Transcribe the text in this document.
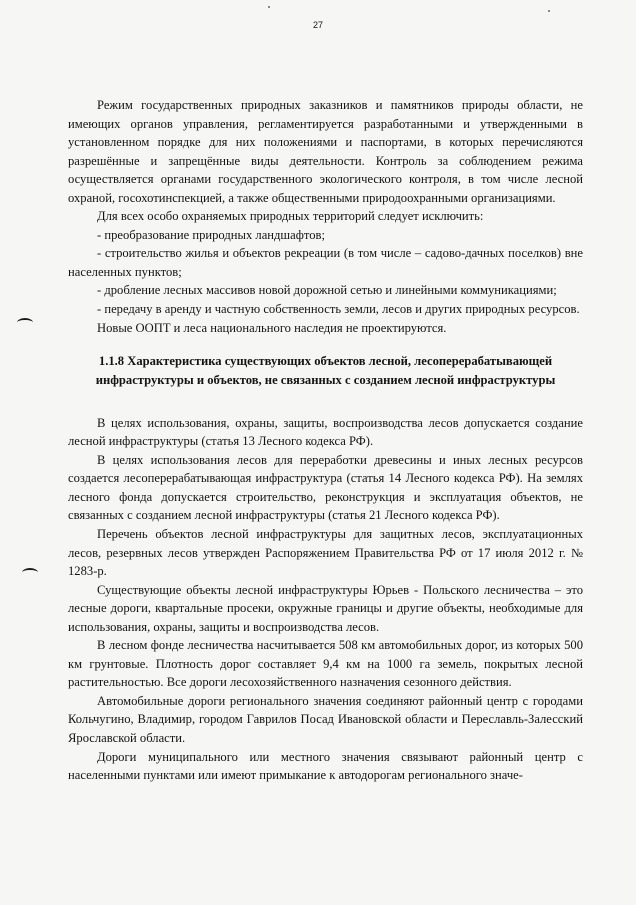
27

Режим государственных природных заказников и памятников природы области, не имеющих органов управления, регламентируется разработанными и утвержденными в установленном порядке для них положениями и паспортами, в которых перечисляются разрешённые и запрещённые виды деятельности. Контроль за соблюдением режима осуществляется органами государственного экологического контроля, в том числе лесной охраной, госохотинспекцией, а также общественными природоохранными организациями.

Для всех особо охраняемых природных территорий следует исключить:

- преобразование природных ландшафтов;

- строительство жилья и объектов рекреации (в том числе – садово-дачных поселков) вне населенных пунктов;

- дробление лесных массивов новой дорожной сетью и линейными коммуникациями;

- передачу в аренду и частную собственность земли, лесов и других природных ресурсов.

Новые ООПТ и леса национального наследия не проектируются.

1.1.8 Характеристика существующих объектов лесной, лесоперерабатывающей инфраструктуры и объектов, не связанных с созданием лесной инфраструктуры

В целях использования, охраны, защиты, воспроизводства лесов допускается создание лесной инфраструктуры (статья 13 Лесного кодекса РФ).

В целях использования лесов для переработки древесины и иных лесных ресурсов создается лесоперерабатывающая инфраструктура (статья 14 Лесного кодекса РФ). На землях лесного фонда допускается строительство, реконструкция и эксплуатация объектов, не связанных с созданием лесной инфраструктуры (статья 21 Лесного кодекса РФ).

Перечень объектов лесной инфраструктуры для защитных лесов, эксплуатационных лесов, резервных лесов утвержден Распоряжением Правительства РФ от 17 июля 2012 г. № 1283-р.

Существующие объекты лесной инфраструктуры Юрьев - Польского лесничества – это лесные дороги, квартальные просеки, окружные границы и другие объекты, необходимые для использования, охраны, защиты и воспроизводства лесов.

В лесном фонде лесничества насчитывается 508 км автомобильных дорог, из которых 500 км грунтовые. Плотность дорог составляет 9,4 км на 1000 га земель, покрытых лесной растительностью. Все дороги лесохозяйственного назначения сезонного действия.

Автомобильные дороги регионального значения соединяют районный центр с городами Кольчугино, Владимир, городом Гаврилов Посад Ивановской области и Переславль-Залесский Ярославской области.

Дороги муниципального или местного значения связывают районный центр с населенными пунктами или имеют примыкание к автодорогам регионального значе-
